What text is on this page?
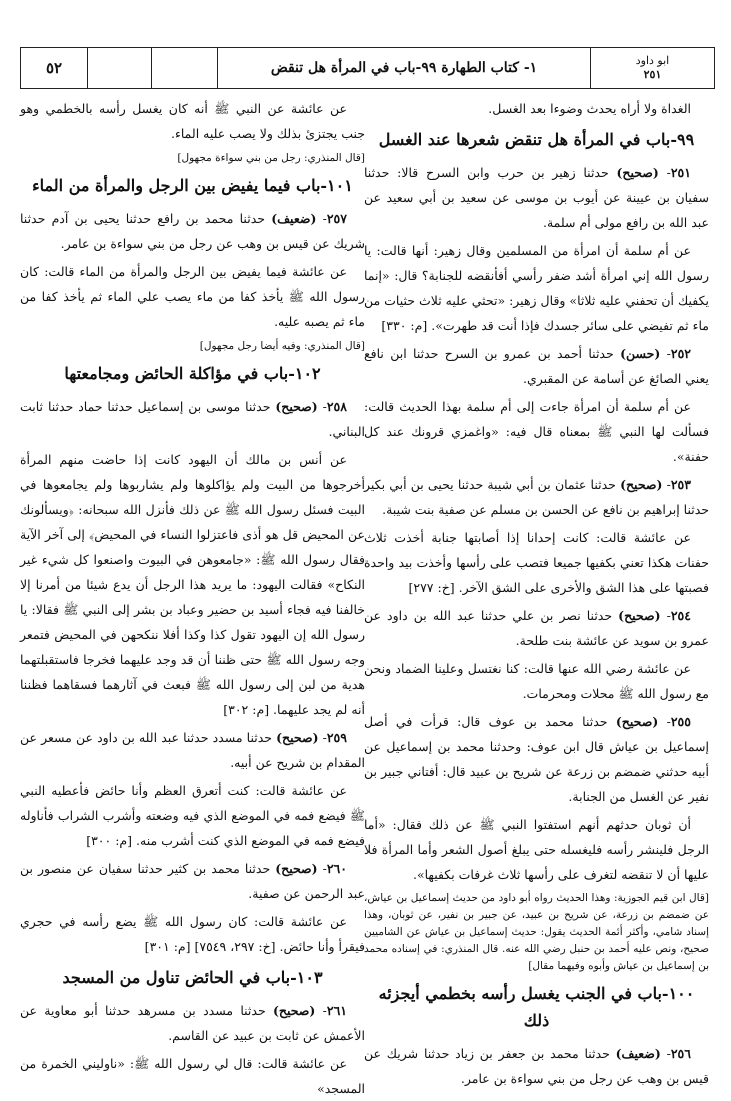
ابو داود
٢٥١
١- كتاب الطهارة ٩٩-باب في المرأة هل تنقض
٥٢

الغداة ولا أراه يحدث وضوءا بعد الغسل.

٩٩-باب في المرأة هل تنقض شعرها عند الغسل

٢٥١- (صحيح) حدثنا زهير بن حرب وابن السرح قالا: حدثنا سفيان بن عيينة عن أيوب بن موسى عن سعيد بن أبي سعيد عن عبد الله بن رافع مولى أم سلمة.

عن أم سلمة أن امرأة من المسلمين وقال زهير: أنها قالت: يا رسول الله إني امرأة أشد ضفر رأسي أفأنقضه للجنابة؟ قال: «إنما يكفيك أن تحفني عليه ثلاثا» وقال زهير: «تحثي عليه ثلاث حثيات من ماء ثم تفيضي على سائر جسدك فإذا أنت قد طهرت». [م: ٣٣٠]

٢٥٢- (حسن) حدثنا أحمد بن عمرو بن السرح حدثنا ابن نافع يعني الصائغ عن أسامة عن المقبري.

عن أم سلمة أن امرأة جاءت إلى أم سلمة بهذا الحديث قالت: فسألت لها النبي ﷺ بمعناه قال فيه: «واغمزي قرونك عند كل حفنة».

٢٥٣- (صحيح) حدثنا عثمان بن أبي شيبة حدثنا يحيى بن أبي بكير حدثنا إبراهيم بن نافع عن الحسن بن مسلم عن صفية بنت شيبة.

عن عائشة قالت: كانت إحدانا إذا أصابتها جنابة أخذت ثلاث حفنات هكذا تعني بكفيها جميعا فتصب على رأسها وأخذت بيد واحدة فصبتها على هذا الشق والأخرى على الشق الآخر. [خ: ٢٧٧]

٢٥٤- (صحيح) حدثنا نصر بن علي حدثنا عبد الله بن داود عن عمرو بن سويد عن عائشة بنت طلحة.

عن عائشة رضي الله عنها قالت: كنا نغتسل وعلينا الضماد ونحن مع رسول الله ﷺ محلات ومحرمات.

٢٥٥- (صحيح) حدثنا محمد بن عوف قال: قرأت في أصل إسماعيل بن عياش قال ابن عوف: وحدثنا محمد بن إسماعيل عن أبيه حدثني ضمضم بن زرعة عن شريح بن عبيد قال: أفتاني جبير بن نفير عن الغسل من الجنابة.

أن ثوبان حدثهم أنهم استفتوا النبي ﷺ عن ذلك فقال: «أما الرجل فلينشر رأسه فليغسله حتى يبلغ أصول الشعر وأما المرأة فلا عليها أن لا تنقضه لتغرف على رأسها ثلاث غرفات بكفيها».

[قال ابن قيم الجوزية: وهذا الحديث رواه أبو داود من حديث إسماعيل بن عياش، عن ضمضم بن زرعة، عن شريح بن عبيد، عن جبير بن نفير، عن ثوبان، وهذا إسناد شامي، وأكثر أئمة الحديث يقول: حديث إسماعيل بن عياش عن الشاميين صحيح، ونص عليه أحمد بن حنبل رضي الله عنه. قال المنذري: في إسناده محمد بن إسماعيل بن عياش وأبوه وفيهما مقال]

١٠٠-باب في الجنب يغسل رأسه بخطمي أيجزئه ذلك

٢٥٦- (ضعيف) حدثنا محمد بن جعفر بن زياد حدثنا شريك عن قيس بن وهب عن رجل من بني سواءة بن عامر.

عن عائشة عن النبي ﷺ أنه كان يغسل رأسه بالخطمي وهو جنب يجتزئ بذلك ولا يصب عليه الماء.

[قال المنذري: رجل من بني سواءة مجهول]

١٠١-باب فيما يفيض بين الرجل والمرأة من الماء

٢٥٧- (ضعيف) حدثنا محمد بن رافع حدثنا يحيى بن آدم حدثنا شريك عن قيس بن وهب عن رجل من بني سواءة بن عامر.

عن عائشة فيما يفيض بين الرجل والمرأة من الماء قالت: كان رسول الله ﷺ يأخذ كفا من ماء يصب علي الماء ثم يأخذ كفا من ماء ثم يصبه عليه.

[قال المنذري: وفيه أيضا رجل مجهول]

١٠٢-باب في مؤاكلة الحائض ومجامعتها

٢٥٨- (صحيح) حدثنا موسى بن إسماعيل حدثنا حماد حدثنا ثابت البناني.

عن أنس بن مالك أن اليهود كانت إذا حاضت منهم المرأة أخرجوها من البيت ولم يؤاكلوها ولم يشاربوها ولم يجامعوها في البيت فسئل رسول الله ﷺ عن ذلك فأنزل الله سبحانه: ﴿ويسألونك عن المحيض قل هو أذى فاعتزلوا النساء في المحيض﴾ إلى آخر الآية فقال رسول الله ﷺ: «جامعوهن في البيوت واصنعوا كل شيء غير النكاح» فقالت اليهود: ما يريد هذا الرجل أن يدع شيئا من أمرنا إلا خالفنا فيه فجاء أسيد بن حضير وعباد بن بشر إلى النبي ﷺ فقالا: يا رسول الله إن اليهود تقول كذا وكذا أفلا ننكحهن في المحيض فتمعر وجه رسول الله ﷺ حتى ظننا أن قد وجد عليهما فخرجا فاستقبلتهما هدية من لبن إلى رسول الله ﷺ فبعث في آثارهما فسقاهما فظننا أنه لم يجد عليهما. [م: ٣٠٢]

٢٥٩- (صحيح) حدثنا مسدد حدثنا عبد الله بن داود عن مسعر عن المقدام بن شريح عن أبيه.

عن عائشة قالت: كنت أتعرق العظم وأنا حائض فأعطيه النبي ﷺ فيضع فمه في الموضع الذي فيه وضعته وأشرب الشراب فأناوله فيضع فمه في الموضع الذي كنت أشرب منه. [م: ٣٠٠]

٢٦٠- (صحيح) حدثنا محمد بن كثير حدثنا سفيان عن منصور بن عبد الرحمن عن صفية.

عن عائشة قالت: كان رسول الله ﷺ يضع رأسه في حجري فيقرأ وأنا حائض. [خ: ٢٩٧، ٧٥٤٩] [م: ٣٠١]

١٠٣-باب في الحائض تناول من المسجد

٢٦١- (صحيح) حدثنا مسدد بن مسرهد حدثنا أبو معاوية عن الأعمش عن ثابت بن عبيد عن القاسم.

عن عائشة قالت: قال لي رسول الله ﷺ: «ناوليني الخمرة من المسجد»
